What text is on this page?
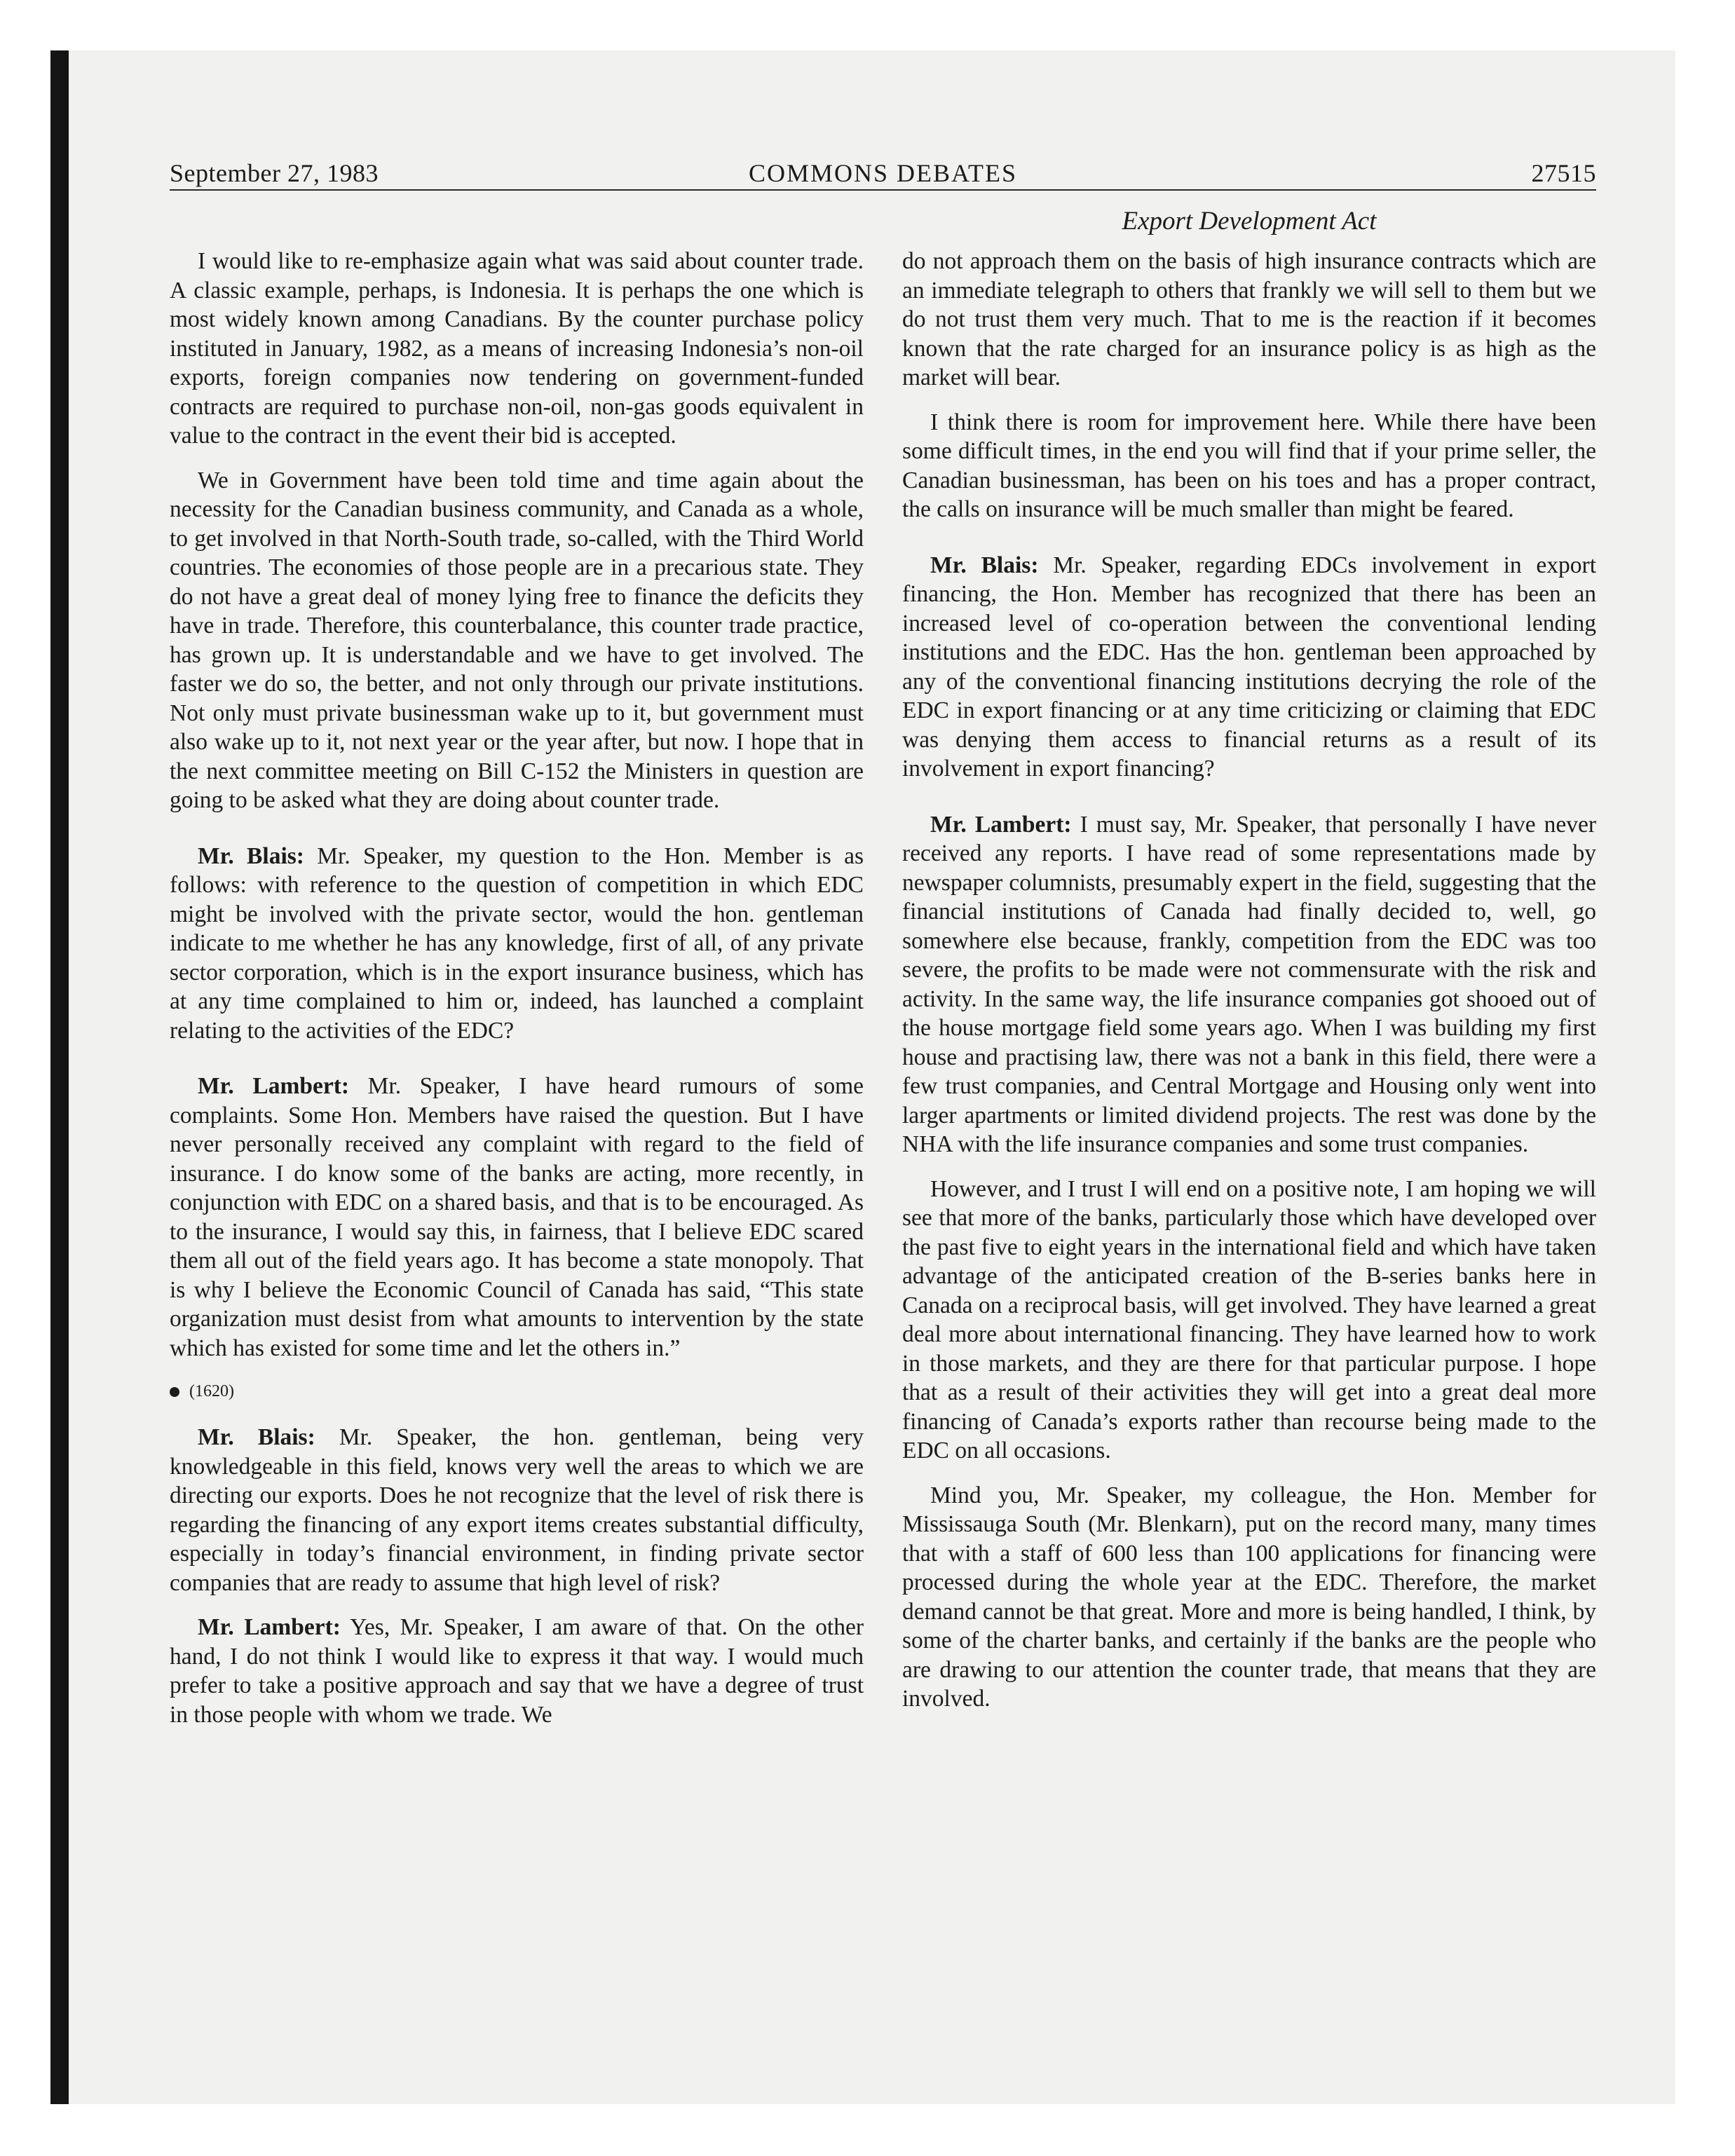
September 27, 1983	COMMONS DEBATES	27515
Export Development Act

I would like to re-emphasize again what was said about counter trade. A classic example, perhaps, is Indonesia. It is perhaps the one which is most widely known among Canadians. By the counter purchase policy instituted in January, 1982, as a means of increasing Indonesia’s non-oil exports, foreign companies now tendering on government-funded contracts are required to purchase non-oil, non-gas goods equivalent in value to the contract in the event their bid is accepted.

We in Government have been told time and time again about the necessity for the Canadian business community, and Canada as a whole, to get involved in that North-South trade, so-called, with the Third World countries. The economies of those people are in a precarious state. They do not have a great deal of money lying free to finance the deficits they have in trade. Therefore, this counterbalance, this counter trade practice, has grown up. It is understandable and we have to get involved. The faster we do so, the better, and not only through our private institutions. Not only must private businessman wake up to it, but government must also wake up to it, not next year or the year after, but now. I hope that in the next committee meeting on Bill C-152 the Ministers in question are going to be asked what they are doing about counter trade.

Mr. Blais: Mr. Speaker, my question to the Hon. Member is as follows: with reference to the question of competition in which EDC might be involved with the private sector, would the hon. gentleman indicate to me whether he has any knowledge, first of all, of any private sector corporation, which is in the export insurance business, which has at any time complained to him or, indeed, has launched a complaint relating to the activities of the EDC?

Mr. Lambert: Mr. Speaker, I have heard rumours of some complaints. Some Hon. Members have raised the question. But I have never personally received any complaint with regard to the field of insurance. I do know some of the banks are acting, more recently, in conjunction with EDC on a shared basis, and that is to be encouraged. As to the insurance, I would say this, in fairness, that I believe EDC scared them all out of the field years ago. It has become a state monopoly. That is why I believe the Economic Council of Canada has said, “This state organization must desist from what amounts to intervention by the state which has existed for some time and let the others in.”

(1620)

Mr. Blais: Mr. Speaker, the hon. gentleman, being very knowledgeable in this field, knows very well the areas to which we are directing our exports. Does he not recognize that the level of risk there is regarding the financing of any export items creates substantial difficulty, especially in today’s financial environment, in finding private sector companies that are ready to assume that high level of risk?

Mr. Lambert: Yes, Mr. Speaker, I am aware of that. On the other hand, I do not think I would like to express it that way. I would much prefer to take a positive approach and say that we have a degree of trust in those people with whom we trade. We

do not approach them on the basis of high insurance contracts which are an immediate telegraph to others that frankly we will sell to them but we do not trust them very much. That to me is the reaction if it becomes known that the rate charged for an insurance policy is as high as the market will bear.

I think there is room for improvement here. While there have been some difficult times, in the end you will find that if your prime seller, the Canadian businessman, has been on his toes and has a proper contract, the calls on insurance will be much smaller than might be feared.

Mr. Blais: Mr. Speaker, regarding EDCs involvement in export financing, the Hon. Member has recognized that there has been an increased level of co-operation between the conventional lending institutions and the EDC. Has the hon. gentleman been approached by any of the conventional financing institutions decrying the role of the EDC in export financing or at any time criticizing or claiming that EDC was denying them access to financial returns as a result of its involvement in export financing?

Mr. Lambert: I must say, Mr. Speaker, that personally I have never received any reports. I have read of some representations made by newspaper columnists, presumably expert in the field, suggesting that the financial institutions of Canada had finally decided to, well, go somewhere else because, frankly, competition from the EDC was too severe, the profits to be made were not commensurate with the risk and activity. In the same way, the life insurance companies got shooed out of the house mortgage field some years ago. When I was building my first house and practising law, there was not a bank in this field, there were a few trust companies, and Central Mortgage and Housing only went into larger apartments or limited dividend projects. The rest was done by the NHA with the life insurance companies and some trust companies.

However, and I trust I will end on a positive note, I am hoping we will see that more of the banks, particularly those which have developed over the past five to eight years in the international field and which have taken advantage of the anticipated creation of the B-series banks here in Canada on a reciprocal basis, will get involved. They have learned a great deal more about international financing. They have learned how to work in those markets, and they are there for that particular purpose. I hope that as a result of their activities they will get into a great deal more financing of Canada’s exports rather than recourse being made to the EDC on all occasions.

Mind you, Mr. Speaker, my colleague, the Hon. Member for Mississauga South (Mr. Blenkarn), put on the record many, many times that with a staff of 600 less than 100 applications for financing were processed during the whole year at the EDC. Therefore, the market demand cannot be that great. More and more is being handled, I think, by some of the charter banks, and certainly if the banks are the people who are drawing to our attention the counter trade, that means that they are involved.
